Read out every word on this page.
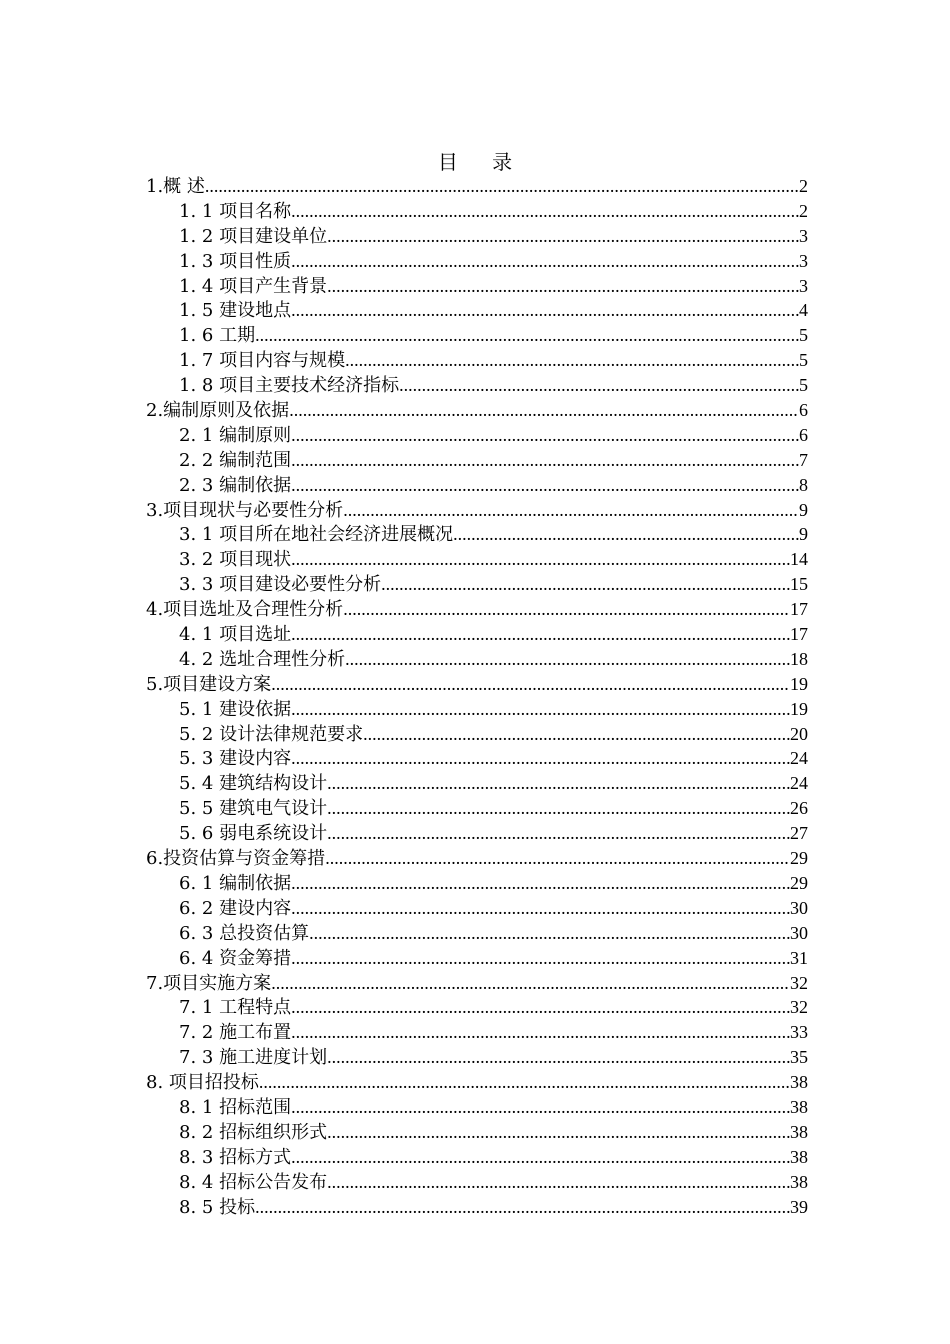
目 录
1.概 述 .....	2
1. 1 项目名称 .....	2
1. 2 项目建设单位 .....	3
1. 3 项目性质 .....	3
1. 4 项目产生背景 .....	3
1. 5 建设地点 .....	4
1. 6 工期 .....	5
1. 7 项目内容与规模 .....	5
1. 8 项目主要技术经济指标 .....	5
2.编制原则及依据 .....	6
2. 1 编制原则 .....	6
2. 2 编制范围 .....	7
2. 3 编制依据 .....	8
3.项目现状与必要性分析 .....	9
3. 1 项目所在地社会经济进展概况 .....	9
3. 2 项目现状 .....	14
3. 3 项目建设必要性分析 .....	15
4.项目选址及合理性分析 .....	17
4. 1 项目选址 .....	17
4. 2 选址合理性分析 .....	18
5.项目建设方案 .....	19
5. 1 建设依据 .....	19
5. 2 设计法律规范要求 .....	20
5. 3 建设内容 .....	24
5. 4 建筑结构设计 .....	24
5. 5 建筑电气设计 .....	26
5. 6 弱电系统设计 .....	27
6.投资估算与资金筹措 .....	29
6. 1 编制依据 .....	29
6. 2 建设内容 .....	30
6. 3 总投资估算 .....	30
6. 4 资金筹措 .....	31
7.项目实施方案 .....	32
7. 1 工程特点 .....	32
7. 2 施工布置 .....	33
7. 3 施工进度计划 .....	35
8. 项目招投标 .....	38
8. 1 招标范围 .....	38
8. 2 招标组织形式 .....	38
8. 3 招标方式 .....	38
8. 4 招标公告发布 .....	38
8. 5 投标 .....	39
